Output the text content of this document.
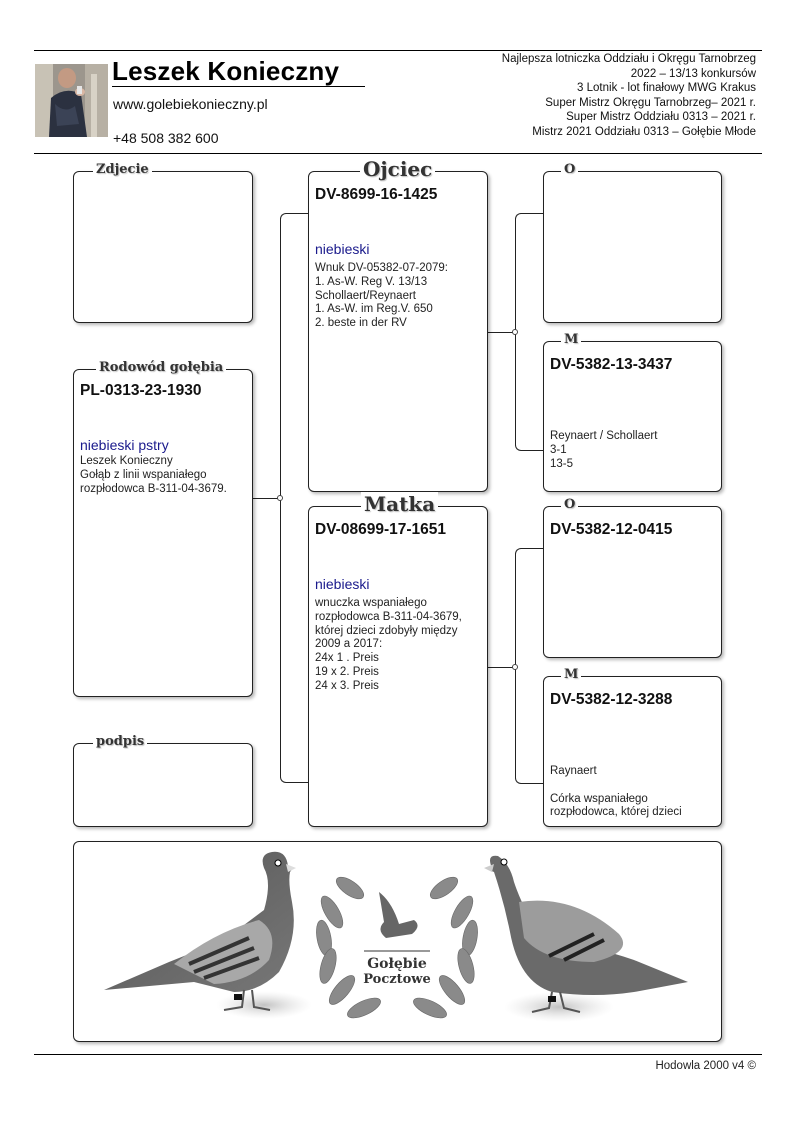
Leszek Konieczny
www.golebiekonieczny.pl
+48 508 382 600
Najlepsza lotniczka Oddziału i Okręgu Tarnobrzeg
2022 – 13/13 konkursów
3 Lotnik - lot finałowy MWG Krakus
Super Mistrz Okręgu Tarnobrzeg– 2021 r.
Super Mistrz Oddziału 0313 – 2021 r.
Mistrz 2021 Oddziału 0313 – Gołębie Młode
Zdjecie
Rodowód gołębia
PL-0313-23-1930
niebieski pstry
Leszek Konieczny
Gołąb z linii wspaniałego
rozpłodowca B-311-04-3679.
podpis
Ojciec
DV-8699-16-1425
niebieski
Wnuk DV-05382-07-2079:
1. As-W. Reg V. 13/13
Schollaert/Reynaert
1. As-W. im Reg.V. 650
2. beste in der RV
Matka
DV-08699-17-1651
niebieski
wnuczka wspaniałego
rozpłodowca B-311-04-3679,
której dzieci zdobyły między
2009 a 2017:
24x 1 . Preis
19 x 2. Preis
24 x 3. Preis
O
M
DV-5382-13-3437
Reynaert / Schollaert
3-1
13-5
O
DV-5382-12-0415
M
DV-5382-12-3288
Raynaert

Córka wspaniałego
rozpłodowca, której dzieci
Gołębie
Pocztowe
Hodowla 2000 v4 ©
